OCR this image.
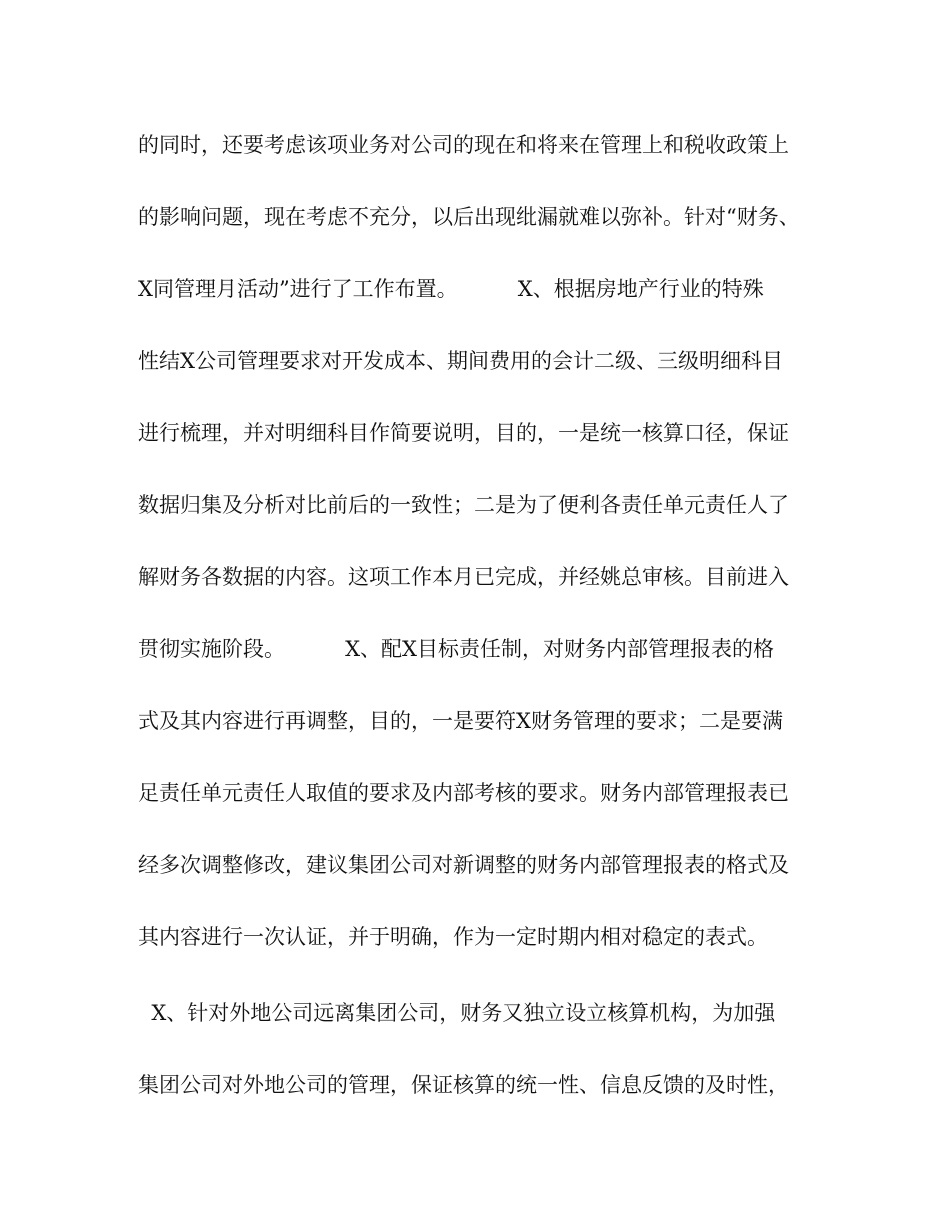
的同时，还要考虑该项业务对公司的现在和将来在管理上和税收政策上

的影响问题，现在考虑不充分，以后出现纰漏就难以弥补。针对“财务、

X同管理月活动”进行了工作布置。         X、根据房地产行业的特殊

性结X公司管理要求对开发成本、期间费用的会计二级、三级明细科目

进行梳理，并对明细科目作简要说明，目的，一是统一核算口径，保证

数据归集及分析对比前后的一致性；二是为了便利各责任单元责任人了

解财务各数据的内容。这项工作本月已完成，并经姚总审核。目前进入

贯彻实施阶段。         X、配X目标责任制，对财务内部管理报表的格

式及其内容进行再调整，目的，一是要符X财务管理的要求；二是要满

足责任单元责任人取值的要求及内部考核的要求。财务内部管理报表已

经多次调整修改，建议集团公司对新调整的财务内部管理报表的格式及

其内容进行一次认证，并于明确，作为一定时期内相对稳定的表式。

X、针对外地公司远离集团公司，财务又独立设立核算机构，为加强

集团公司对外地公司的管理，保证核算的统一性、信息反馈的及时性，
